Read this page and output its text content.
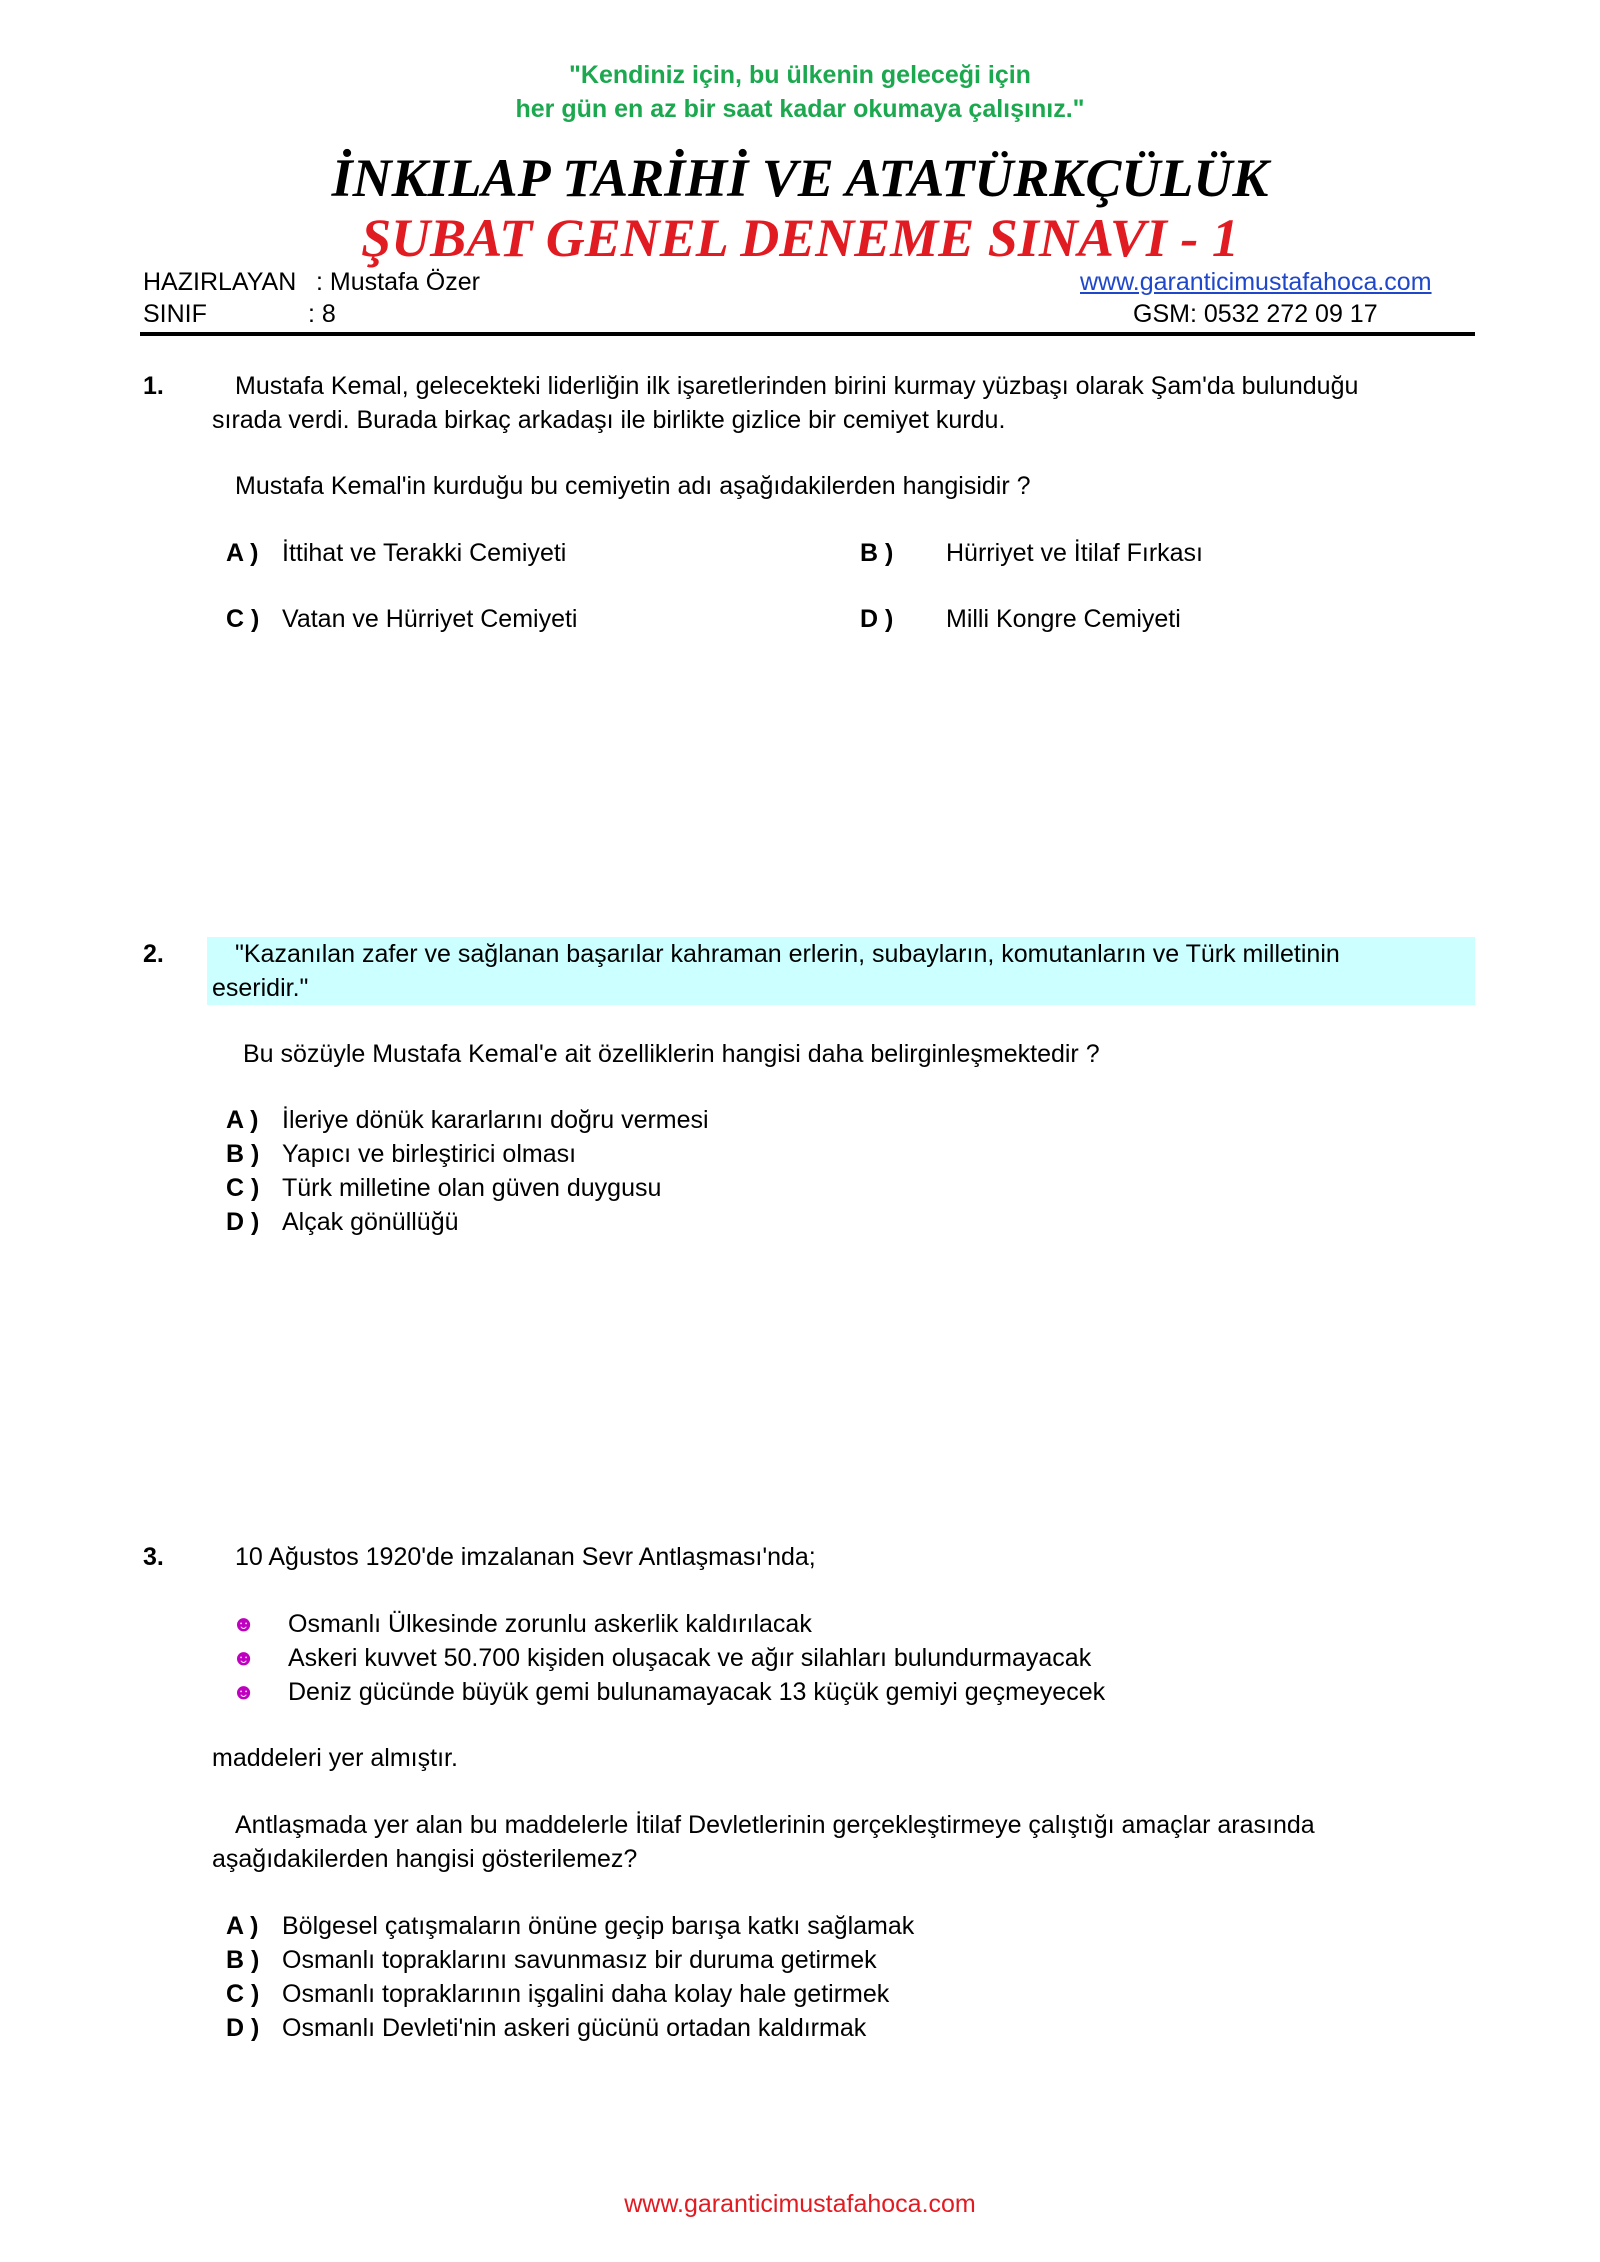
"Kendiniz için, bu ülkenin geleceği için
her gün en az bir saat kadar okumaya çalışınız."
İNKILAP TARİHİ VE ATATÜRKÇÜLÜK
ŞUBAT GENEL DENEME SINAVI - 1
HAZIRLAYAN : Mustafa Özer
SINIF	: 8
www.garanticimustafahoca.com
GSM: 0532 272 09 17
1.	Mustafa Kemal, gelecekteki liderliğin ilk işaretlerinden birini kurmay yüzbaşı olarak Şam'da bulunduğu
sırada verdi. Burada birkaç arkadaşı ile birlikte gizlice bir cemiyet kurdu.
Mustafa Kemal'in kurduğu bu cemiyetin adı aşağıdakilerden hangisidir ?
A ) İttihat ve Terakki Cemiyeti	B )	Hürriyet ve İtilaf Fırkası
C ) Vatan ve Hürriyet Cemiyeti	D )	Milli Kongre Cemiyeti
2.	"Kazanılan zafer ve sağlanan başarılar kahraman erlerin, subayların, komutanların ve Türk milletinin
eseridir."
Bu sözüyle Mustafa Kemal'e ait özelliklerin hangisi daha belirginleşmektedir ?
A ) İleriye dönük kararlarını doğru vermesi
B ) Yapıcı ve birleştirici olması
C ) Türk milletine olan güven duygusu
D ) Alçak gönüllüğü
3.	10 Ağustos 1920'de imzalanan Sevr Antlaşması'nda;
☻	Osmanlı Ülkesinde zorunlu askerlik kaldırılacak
☻	Askeri kuvvet 50.700 kişiden oluşacak ve ağır silahları bulundurmayacak
☻	Deniz gücünde büyük gemi bulunamayacak 13 küçük gemiyi geçmeyecek
maddeleri yer almıştır.
Antlaşmada yer alan bu maddelerle İtilaf Devletlerinin gerçekleştirmeye çalıştığı amaçlar arasında
aşağıdakilerden hangisi gösterilemez?
A ) Bölgesel çatışmaların önüne geçip barışa katkı sağlamak
B ) Osmanlı topraklarını savunmasız bir duruma getirmek
C ) Osmanlı topraklarının işgalini daha kolay hale getirmek
D ) Osmanlı Devleti'nin askeri gücünü ortadan kaldırmak
www.garanticimustafahoca.com
